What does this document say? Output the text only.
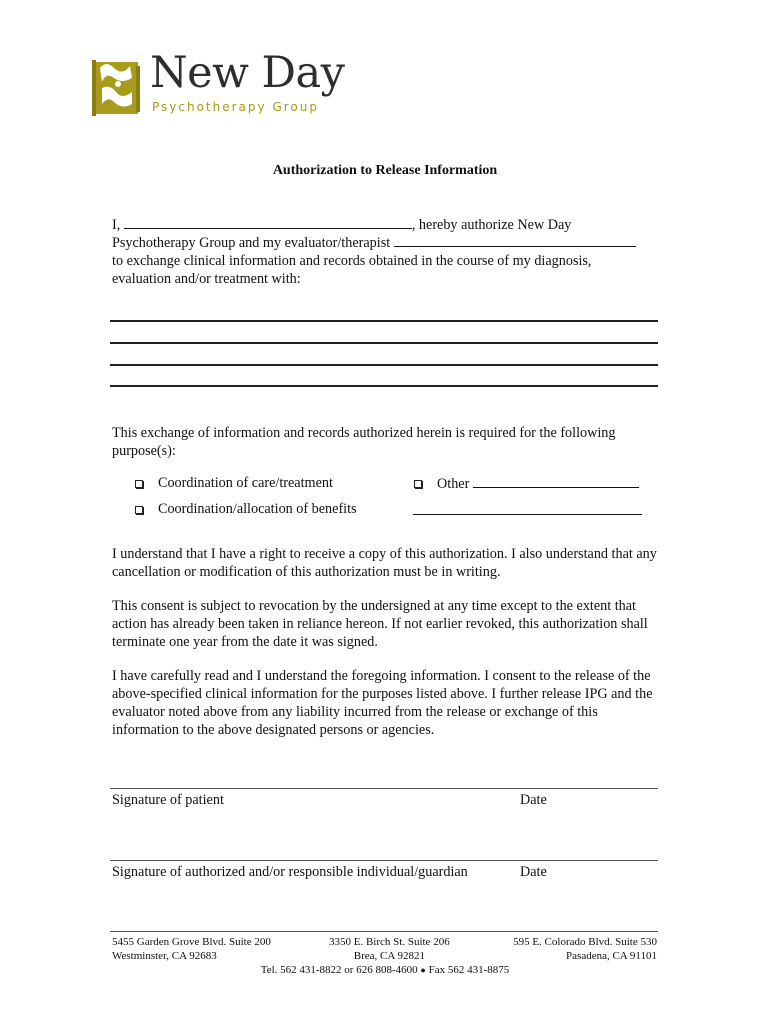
New Day
Psychotherapy Group
Authorization to Release Information
I,	, hereby authorize New Day
Psychotherapy Group and my evaluator/therapist
to exchange clinical information and records obtained in the course of my diagnosis,
evaluation and/or treatment with:
This exchange of information and records authorized herein is required for the following purpose(s):
Coordination of care/treatment	Other
Coordination/allocation of benefits
I understand that I have a right to receive a copy of this authorization. I also understand that any cancellation or modification of this authorization must be in writing.
This consent is subject to revocation by the undersigned at any time except to the extent that action has already been taken in reliance hereon. If not earlier revoked, this authorization shall terminate one year from the date it was signed.
I have carefully read and I understand the foregoing information. I consent to the release of the above-specified clinical information for the purposes listed above. I further release IPG and the evaluator noted above from any liability incurred from the release or exchange of this information to the above designated persons or agencies.
Signature of patient	Date
Signature of authorized and/or responsible individual/guardian	Date
5455 Garden Grove Blvd. Suite 200
Westminster, CA 92683
3350 E. Birch St. Suite 206
Brea, CA 92821
595 E. Colorado Blvd. Suite 530
Pasadena, CA 91101
Tel. 562 431-8822 or 626 808-4600 ● Fax 562 431-8875
